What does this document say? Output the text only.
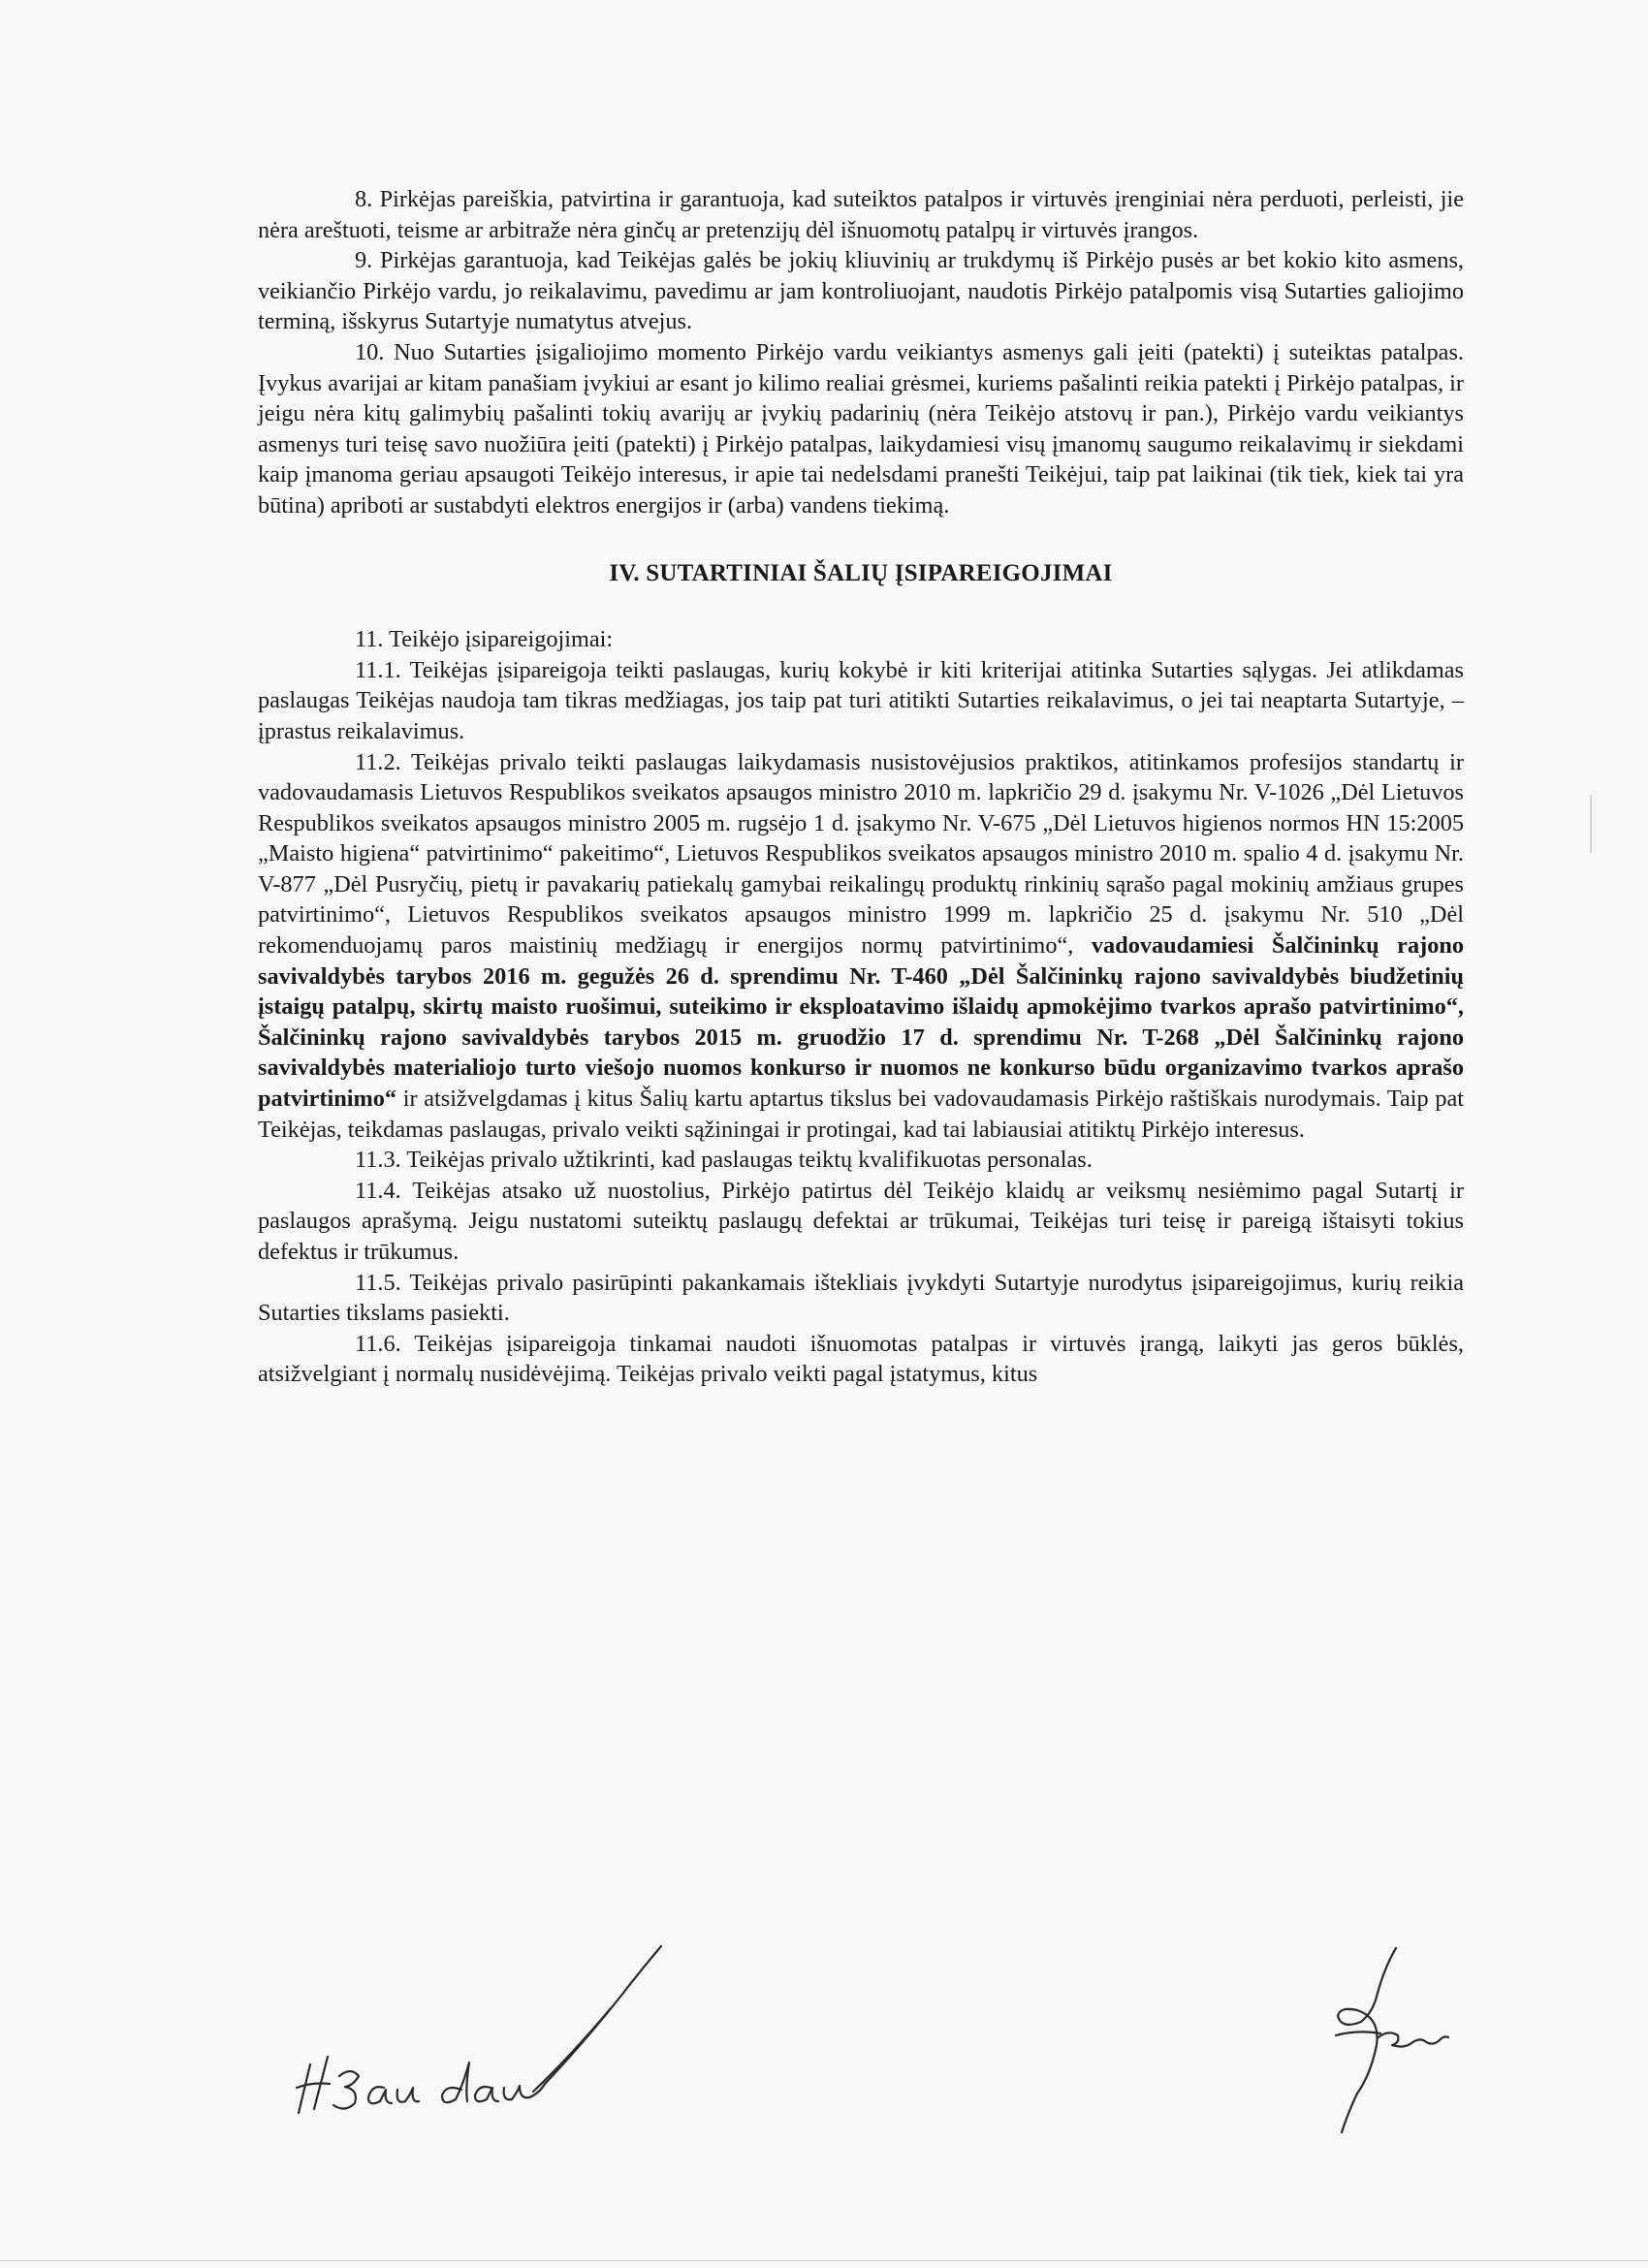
8. Pirkėjas pareiškia, patvirtina ir garantuoja, kad suteiktos patalpos ir virtuvės įrenginiai nėra perduoti, perleisti, jie nėra areštuoti, teisme ar arbitraže nėra ginčų ar pretenzijų dėl išnuomotų patalpų ir virtuvės įrangos.

9. Pirkėjas garantuoja, kad Teikėjas galės be jokių kliuvinių ar trukdymų iš Pirkėjo pusės ar bet kokio kito asmens, veikiančio Pirkėjo vardu, jo reikalavimu, pavedimu ar jam kontroliuojant, naudotis Pirkėjo patalpomis visą Sutarties galiojimo terminą, išskyrus Sutartyje numatytus atvejus.

10. Nuo Sutarties įsigaliojimo momento Pirkėjo vardu veikiantys asmenys gali įeiti (patekti) į suteiktas patalpas. Įvykus avarijai ar kitam panašiam įvykiui ar esant jo kilimo realiai grėsmei, kuriems pašalinti reikia patekti į Pirkėjo patalpas, ir jeigu nėra kitų galimybių pašalinti tokių avarijų ar įvykių padarinių (nėra Teikėjo atstovų ir pan.), Pirkėjo vardu veikiantys asmenys turi teisę savo nuožiūra įeiti (patekti) į Pirkėjo patalpas, laikydamiesi visų įmanomų saugumo reikalavimų ir siekdami kaip įmanoma geriau apsaugoti Teikėjo interesus, ir apie tai nedelsdami pranešti Teikėjui, taip pat laikinai (tik tiek, kiek tai yra būtina) apriboti ar sustabdyti elektros energijos ir (arba) vandens tiekimą.

IV. SUTARTINIAI ŠALIŲ ĮSIPAREIGOJIMAI

11. Teikėjo įsipareigojimai:

11.1. Teikėjas įsipareigoja teikti paslaugas, kurių kokybė ir kiti kriterijai atitinka Sutarties sąlygas. Jei atlikdamas paslaugas Teikėjas naudoja tam tikras medžiagas, jos taip pat turi atitikti Sutarties reikalavimus, o jei tai neaptarta Sutartyje, – įprastus reikalavimus.

11.2. Teikėjas privalo teikti paslaugas laikydamasis nusistovėjusios praktikos, atitinkamos profesijos standartų ir vadovaudamasis Lietuvos Respublikos sveikatos apsaugos ministro 2010 m. lapkričio 29 d. įsakymu Nr. V-1026 „Dėl Lietuvos Respublikos sveikatos apsaugos ministro 2005 m. rugsėjo 1 d. įsakymo Nr. V-675 „Dėl Lietuvos higienos normos HN 15:2005 „Maisto higiena“ patvirtinimo“ pakeitimo“, Lietuvos Respublikos sveikatos apsaugos ministro 2010 m. spalio 4 d. įsakymu Nr. V-877 „Dėl Pusryčių, pietų ir pavakarių patiekalų gamybai reikalingų produktų rinkinių sąrašo pagal mokinių amžiaus grupes patvirtinimo“, Lietuvos Respublikos sveikatos apsaugos ministro 1999 m. lapkričio 25 d. įsakymu Nr. 510 „Dėl rekomenduojamų paros maistinių medžiagų ir energijos normų patvirtinimo“, vadovaudamiesi Šalčininkų rajono savivaldybės tarybos 2016 m. gegužės 26 d. sprendimu Nr. T-460 „Dėl Šalčininkų rajono savivaldybės biudžetinių įstaigų patalpų, skirtų maisto ruošimui, suteikimo ir eksploatavimo išlaidų apmokėjimo tvarkos aprašo patvirtinimo“, Šalčininkų rajono savivaldybės tarybos 2015 m. gruodžio 17 d. sprendimu Nr. T-268 „Dėl Šalčininkų rajono savivaldybės materialiojo turto viešojo nuomos konkurso ir nuomos ne konkurso būdu organizavimo tvarkos aprašo patvirtinimo“ ir atsižvelgdamas į kitus Šalių kartu aptartus tikslus bei vadovaudamasis Pirkėjo raštiškais nurodymais. Taip pat Teikėjas, teikdamas paslaugas, privalo veikti sąžiningai ir protingai, kad tai labiausiai atitiktų Pirkėjo interesus.

11.3. Teikėjas privalo užtikrinti, kad paslaugas teiktų kvalifikuotas personalas.

11.4. Teikėjas atsako už nuostolius, Pirkėjo patirtus dėl Teikėjo klaidų ar veiksmų nesiėmimo pagal Sutartį ir paslaugos aprašymą. Jeigu nustatomi suteiktų paslaugų defektai ar trūkumai, Teikėjas turi teisę ir pareigą ištaisyti tokius defektus ir trūkumus.

11.5. Teikėjas privalo pasirūpinti pakankamais ištekliais įvykdyti Sutartyje nurodytus įsipareigojimus, kurių reikia Sutarties tikslams pasiekti.

11.6. Teikėjas įsipareigoja tinkamai naudoti išnuomotas patalpas ir virtuvės įrangą, laikyti jas geros būklės, atsižvelgiant į normalų nusidėvėjimą. Teikėjas privalo veikti pagal įstatymus, kitus
